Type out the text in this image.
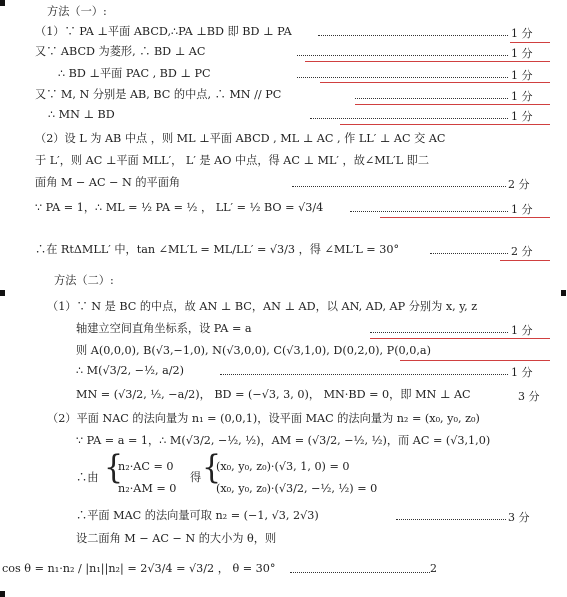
方法（一）:
（1）∵ PA ⊥平面 ABCD,∴PA ⊥BD 即 BD ⊥ PA	1 分
又∵ ABCD 为菱形, ∴ BD ⊥ AC	1 分
∴ BD ⊥平面 PAC , BD ⊥ PC	1 分
又∵ M, N 分别是 AB, BC 的中点, ∴ MN // PC	1 分
∴ MN ⊥ BD	1 分
（2）设 L 为 AB 中点 ，则 ML ⊥平面 ABCD , ML ⊥ AC , 作 LL′ ⊥ AC 交 AC
于 L′，则 AC ⊥平面 MLL′， L′ 是 AO 中点，得 AC ⊥ ML′ ，故∠ML′L 即二
面角 M − AC − N 的平面角	2 分
∵ PA = 1，∴ ML = ½ PA = ½ ， LL′ = ½ BO = √3/4	1 分
∴在 RtΔMLL′ 中，tan ∠ML′L = ML/LL′ = √3/3 ，得 ∠ML′L = 30°	2 分
方法（二）:
（1）∵ N 是 BC 的中点，故 AN ⊥ BC，AN ⊥ AD，以 AN, AD, AP 分别为 x, y, z
轴建立空间直角坐标系，设 PA = a	1 分
则 A(0,0,0), B(√3,−1,0), N(√3,0,0), C(√3,1,0), D(0,2,0), P(0,0,a)
∴ M(√3/2, −½, a/2)	1 分
MN = (√3/2, ½, −a/2)， BD = (−√3, 3, 0)， MN·BD = 0，即 MN ⊥ AC	3 分
（2）平面 NAC 的法向量为 n₁ = (0,0,1)，设平面 MAC 的法向量为 n₂ = (x₀, y₀, z₀)
∵ PA = a = 1，∴ M(√3/2, −½, ½)，AM = (√3/2, −½, ½)，而 AC = (√3,1,0)
∴由 {
n₂·AC = 0
n₂·AM = 0
得 {
(x₀, y₀, z₀)·(√3, 1, 0) = 0
(x₀, y₀, z₀)·(√3/2, −½, ½) = 0
∴平面 MAC 的法向量可取 n₂ = (−1, √3, 2√3)	3 分
设二面角 M − AC − N 的大小为 θ，则
cos θ = n₁·n₂ / |n₁||n₂| = 2√3/4 = √3/2 ， θ = 30°	2
